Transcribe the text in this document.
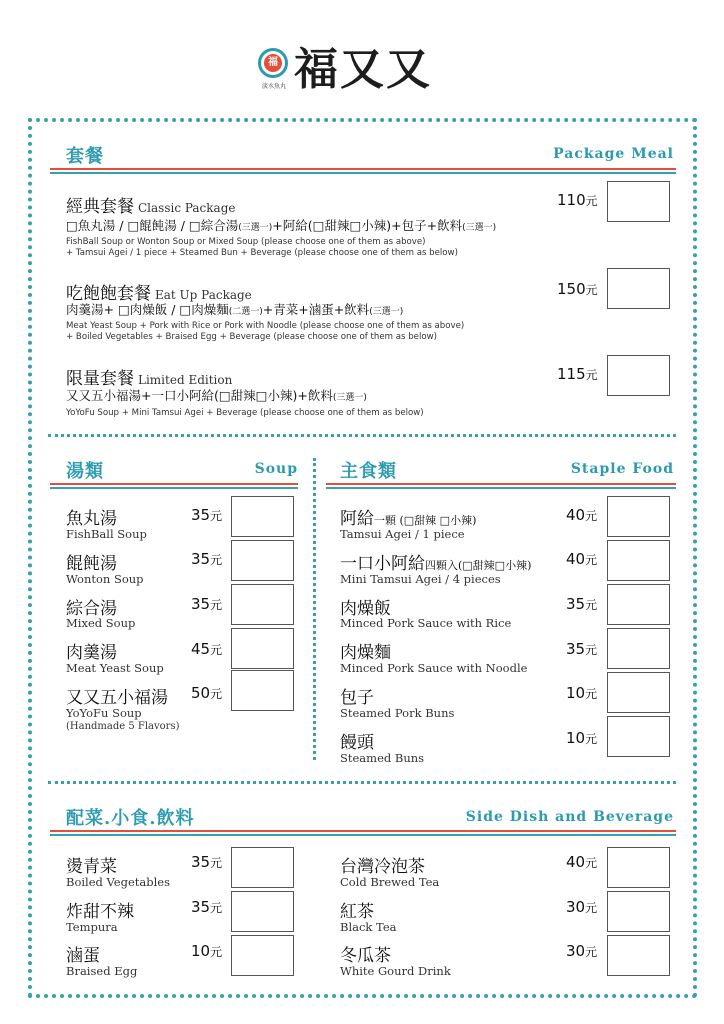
福
淡水魚丸 福又又
套餐	Package Meal
經典套餐 Classic Package	110元
□魚丸湯 / □餛飩湯 / □綜合湯(三選一)+阿給(□甜辣□小辣)+包子+飲料(三選一)
FishBall Soup or Wonton Soup or Mixed Soup (please choose one of them as above)
+ Tamsui Agei / 1 piece + Steamed Bun + Beverage (please choose one of them as below)
吃飽飽套餐 Eat Up Package	150元
肉羹湯+ □肉燥飯 / □肉燥麵(二選一)+青菜+滷蛋+飲料(三選一)
Meat Yeast Soup + Pork with Rice or Pork with Noodle (please choose one of them as above)
+ Boiled Vegetables + Braised Egg + Beverage (please choose one of them as below)
限量套餐 Limited Edition	115元
又又五小福湯+一口小阿給(□甜辣□小辣)+飲料(三選一)
YoYoFu Soup + Mini Tamsui Agei + Beverage (please choose one of them as below)
湯類	Soup
魚丸湯
FishBall Soup
35元
餛飩湯
Wonton Soup
35元
綜合湯
Mixed Soup
35元
肉羹湯
Meat Yeast Soup
45元
又又五小福湯
YoYoFu Soup
(Handmade 5 Flavors)
50元
主食類	Staple Food
阿給一顆 (□甜辣 □小辣)
Tamsui Agei / 1 piece
40元
一口小阿給四顆入(□甜辣□小辣)
Mini Tamsui Agei / 4 pieces
40元
肉燥飯
Minced Pork Sauce with Rice
35元
肉燥麵
Minced Pork Sauce with Noodle
35元
包子
Steamed Pork Buns
10元
饅頭
Steamed Buns
10元
配菜.小食.飲料	Side Dish and Beverage
燙青菜
Boiled Vegetables
35元
炸甜不辣
Tempura
35元
滷蛋
Braised Egg
10元
台灣冷泡茶
Cold Brewed Tea
40元
紅茶
Black Tea
30元
冬瓜茶
White Gourd Drink
30元
